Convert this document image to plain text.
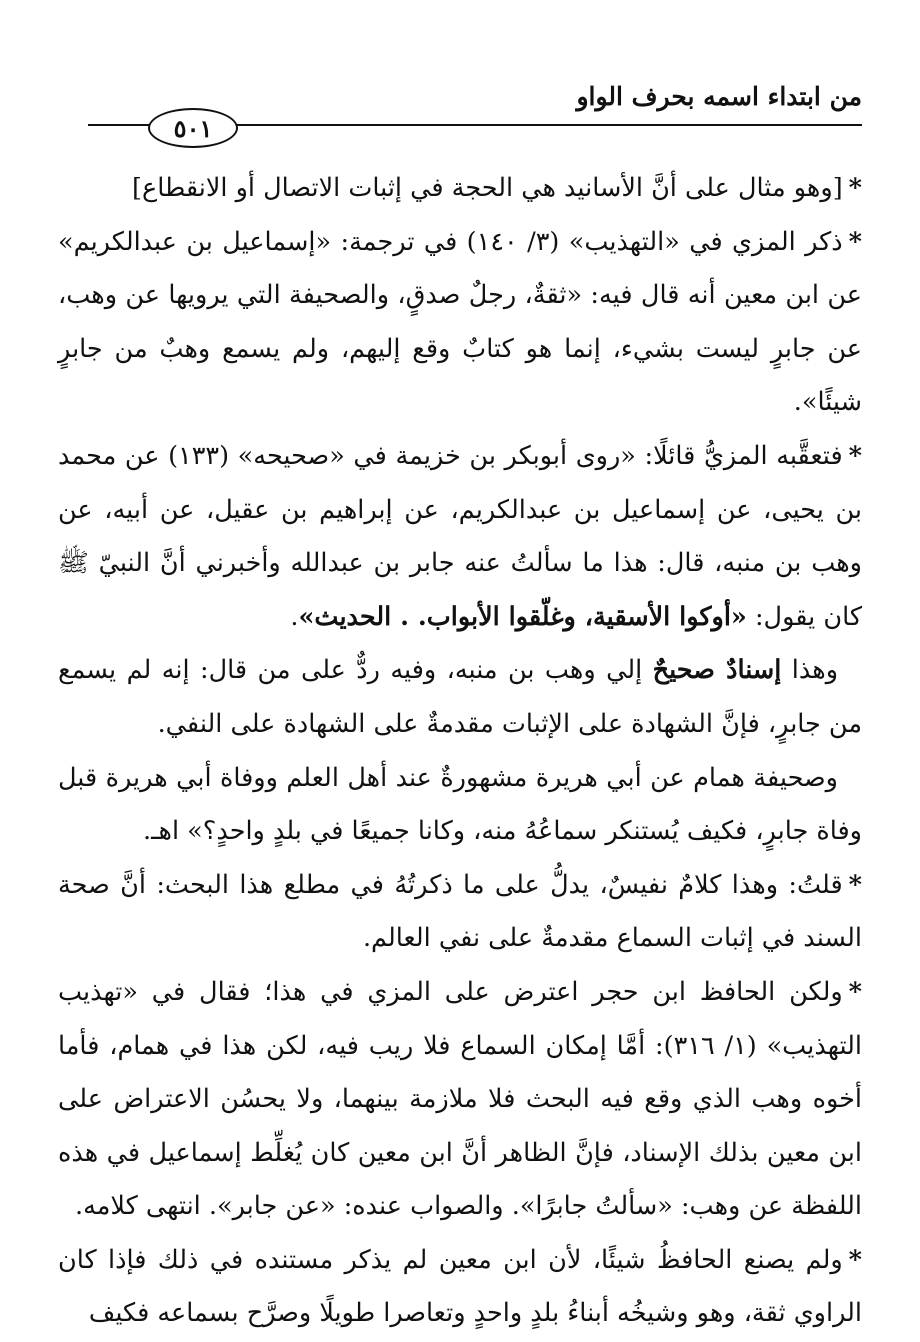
من ابتداء اسمه بحرف الواو
٥٠١

*[وهو مثال على أنَّ الأسانيد هي الحجة في إثبات الاتصال أو الانقطاع]

*ذكر المزي في «التهذيب» (٣/ ١٤٠) في ترجمة: «إسماعيل بن عبدالكريم» عن ابن معين أنه قال فيه: «ثقةٌ، رجلٌ صدقٍ، والصحيفة التي يرويها عن وهب، عن جابرٍ ليست بشيء، إنما هو كتابٌ وقع إليهم، ولم يسمع وهبٌ من جابرٍ شيئًا».

*فتعقَّبه المزيُّ قائلًا: «روى أبوبكر بن خزيمة في «صحيحه» (١٣٣) عن محمد بن يحيى، عن إسماعيل بن عبدالكريم، عن إبراهيم بن عقيل، عن أبيه، عن وهب بن منبه، قال: هذا ما سألتُ عنه جابر بن عبدالله وأخبرني أنَّ النبيّ ﷺ كان يقول: «أوكوا الأسقية، وغلّقوا الأبواب. . الحديث».

وهذا إسنادٌ صحيحٌ إلي وهب بن منبه، وفيه ردٌّ على من قال: إنه لم يسمع من جابرٍ، فإنَّ الشهادة على الإثبات مقدمةٌ على الشهادة على النفي.

وصحيفة همام عن أبي هريرة مشهورةٌ عند أهل العلم ووفاة أبي هريرة قبل وفاة جابرٍ، فكيف يُستنكر سماعُهُ منه، وكانا جميعًا في بلدٍ واحدٍ؟» اهـ.

*قلتُ: وهذا كلامٌ نفيسٌ، يدلُّ على ما ذكرتُهُ في مطلع هذا البحث: أنَّ صحة السند في إثبات السماع مقدمةٌ على نفي العالم.

*ولكن الحافظ ابن حجر اعترض على المزي في هذا؛ فقال في «تهذيب التهذيب» (١/ ٣١٦): أمَّا إمكان السماع فلا ريب فيه، لكن هذا في همام، فأما أخوه وهب الذي وقع فيه البحث فلا ملازمة بينهما، ولا يحسُن الاعتراض على ابن معين بذلك الإسناد، فإنَّ الظاهر أنَّ ابن معين كان يُغلِّط إسماعيل في هذه اللفظة عن وهب: «سألتُ جابرًا». والصواب عنده: «عن جابر». انتهى كلامه.

*ولم يصنع الحافظُ شيئًا، لأن ابن معين لم يذكر مستنده في ذلك فإذا كان الراوي ثقة، وهو وشيخُه أبناءُ بلدٍ واحدٍ وتعاصرا طويلًا وصرَّح بسماعه فكيف
